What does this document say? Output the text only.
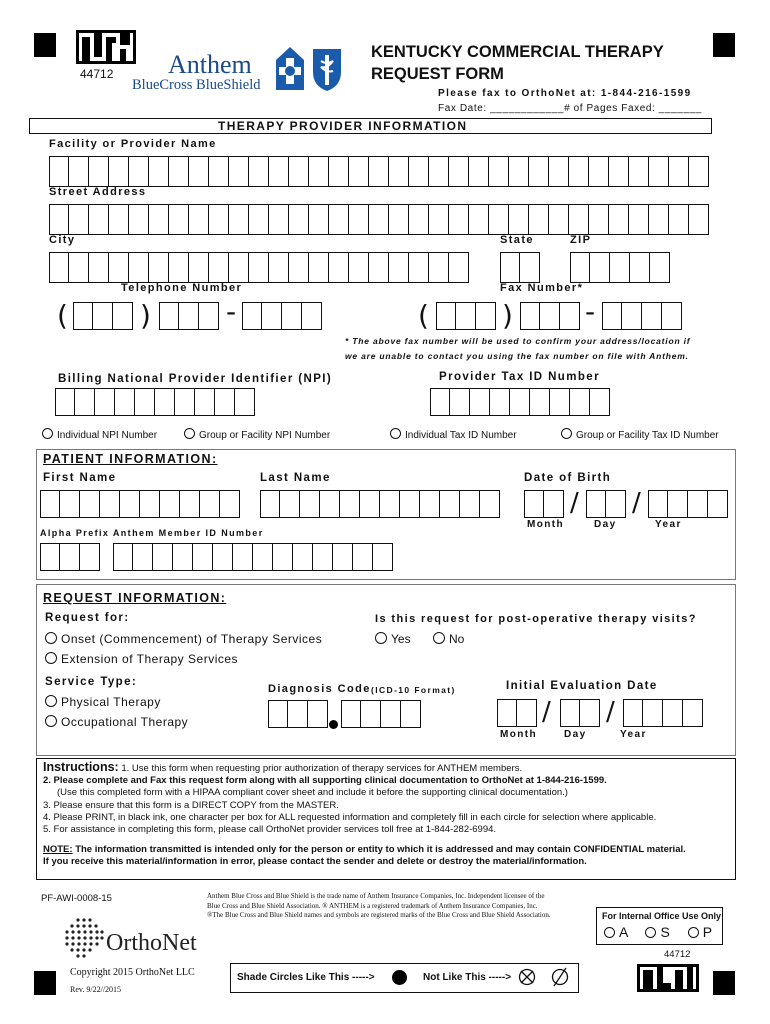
44712 Anthem
BlueCross BlueShield
KENTUCKY COMMERCIAL THERAPY
REQUEST FORM
Please fax to OrthoNet at: 1-844-216-1599
Fax Date: ____________# of Pages Faxed: _______
THERAPY PROVIDER INFORMATION
Facility or Provider Name
Street Address
City	State	ZIP
Telephone Number	Fax Number*
(	)	-	(	)	-
* The above fax number will be used to confirm your address/location if
we are unable to contact you using the fax number on file with Anthem.
Billing National Provider Identifier (NPI)	Provider Tax ID Number
Individual NPI Number	Group or Facility NPI Number	Individual Tax ID Number	Group or Facility Tax ID Number
PATIENT INFORMATION:
First Name	Last Name	Date of Birth
/ /
Month	Day	Year
Alpha Prefix Anthem Member ID Number
REQUEST INFORMATION:
Request for:	Is this request for post-operative therapy visits?
Onset (Commencement) of Therapy Services	Yes	No
Extension of Therapy Services
Service Type:
Physical Therapy
Occupational Therapy
Diagnosis Code (ICD-10 Format)	Initial Evaluation Date
/ /
Month	Day	Year

Instructions: 1. Use this form when requesting prior authorization of therapy services for ANTHEM members.

2. Please complete and Fax this request form along with all supporting clinical documentation to OrthoNet at 1-844-216-1599.

(Use this completed form with a HIPAA compliant cover sheet and include it before the supporting clinical documentation.)

3. Please ensure that this form is a DIRECT COPY from the MASTER.

4. Please PRINT, in black ink, one character per box for ALL requested information and completely fill in each circle for selection where applicable.

5. For assistance in completing this form, please call OrthoNet provider services toll free at 1-844-282-6994.

NOTE: The information transmitted is intended only for the person or entity to which it is addressed and may contain CONFIDENTIAL material.

If you receive this material/information in error, please contact the sender and delete or destroy the material/information.

PF-AWI-0008-15	Anthem Blue Cross and Blue Shield is the trade name of Anthem Insurance Companies, Inc. Independent licensee of the
Blue Cross and Blue Shield Association. ® ANTHEM is a registered trademark of Anthem Insurance Companies, Inc.
®The Blue Cross and Blue Shield names and symbols are registered marks of the Blue Cross and Blue Shield Association.	For Internal Office Use Only
A S P
44712
OrthoNet
Copyright 2015 OrthoNet LLC
Rev. 9/22//2015
Shade Circles Like This ----->	Not Like This ----->
